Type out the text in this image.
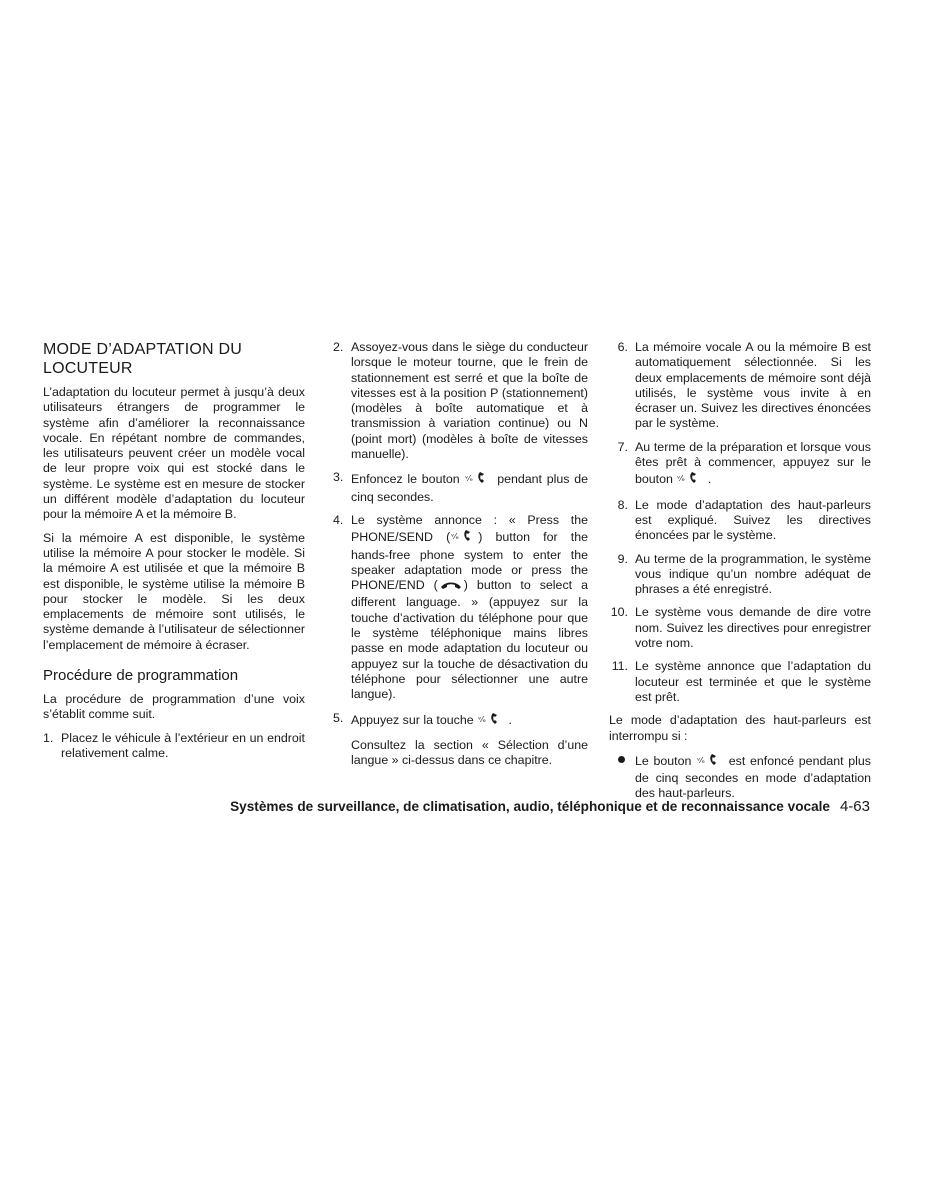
MODE D’ADAPTATION DU LOCUTEUR

L’adaptation du locuteur permet à jusqu’à deux utilisateurs étrangers de programmer le système afin d’améliorer la reconnaissance vocale. En répétant nombre de commandes, les utilisateurs peuvent créer un modèle vocal de leur propre voix qui est stocké dans le système. Le système est en mesure de stocker un différent modèle d’adaptation du locuteur pour la mémoire A et la mémoire B.

Si la mémoire A est disponible, le système utilise la mémoire A pour stocker le modèle. Si la mémoire A est utilisée et que la mémoire B est disponible, le système utilise la mémoire B pour stocker le modèle. Si les deux emplacements de mémoire sont utilisés, le système demande à l’utilisateur de sélectionner l’emplacement de mémoire à écraser.

Procédure de programmation

La procédure de programmation d’une voix s’établit comme suit.

1. Placez le véhicule à l’extérieur en un endroit relativement calme.
2. Assoyez-vous dans le siège du conducteur lorsque le moteur tourne, que le frein de stationnement est serré et que la boîte de vitesses est à la position P (stationnement) (modèles à boîte automatique et à transmission à variation continue) ou N (point mort) (modèles à boîte de vitesses manuelle).
3. Enfoncez le bouton ᵛ⁄ₑ pendant plus de cinq secondes.
4. Le système annonce : « Press the PHONE/SEND ( ᵛ⁄ₑ ) button for the hands-free phone system to enter the speaker adaptation mode or press the PHONE/END ( ) button to select a different language. » (appuyez sur la touche d’activation du téléphone pour que le système téléphonique mains libres passe en mode adaptation du locuteur ou appuyez sur la touche de désactivation du téléphone pour sélectionner une autre langue).
5. Appuyez sur la touche ᵛ⁄ₑ .

Consultez la section « Sélection d’une langue » ci-dessus dans ce chapitre.

6. La mémoire vocale A ou la mémoire B est automatiquement sélectionnée. Si les deux emplacements de mémoire sont déjà utilisés, le système vous invite à en écraser un. Suivez les directives énoncées par le système.
7. Au terme de la préparation et lorsque vous êtes prêt à commencer, appuyez sur le bouton ᵛ⁄ₑ .
8. Le mode d’adaptation des haut-parleurs est expliqué. Suivez les directives énoncées par le système.
9. Au terme de la programmation, le système vous indique qu’un nombre adéquat de phrases a été enregistré.
10. Le système vous demande de dire votre nom. Suivez les directives pour enregistrer votre nom.
11. Le système annonce que l’adaptation du locuteur est terminée et que le système est prêt.

Le mode d’adaptation des haut-parleurs est interrompu si :

Le bouton ᵛ⁄ₑ est enfoncé pendant plus de cinq secondes en mode d’adaptation des haut-parleurs.
Systèmes de surveillance, de climatisation, audio, téléphonique et de reconnaissance vocale 4-63
